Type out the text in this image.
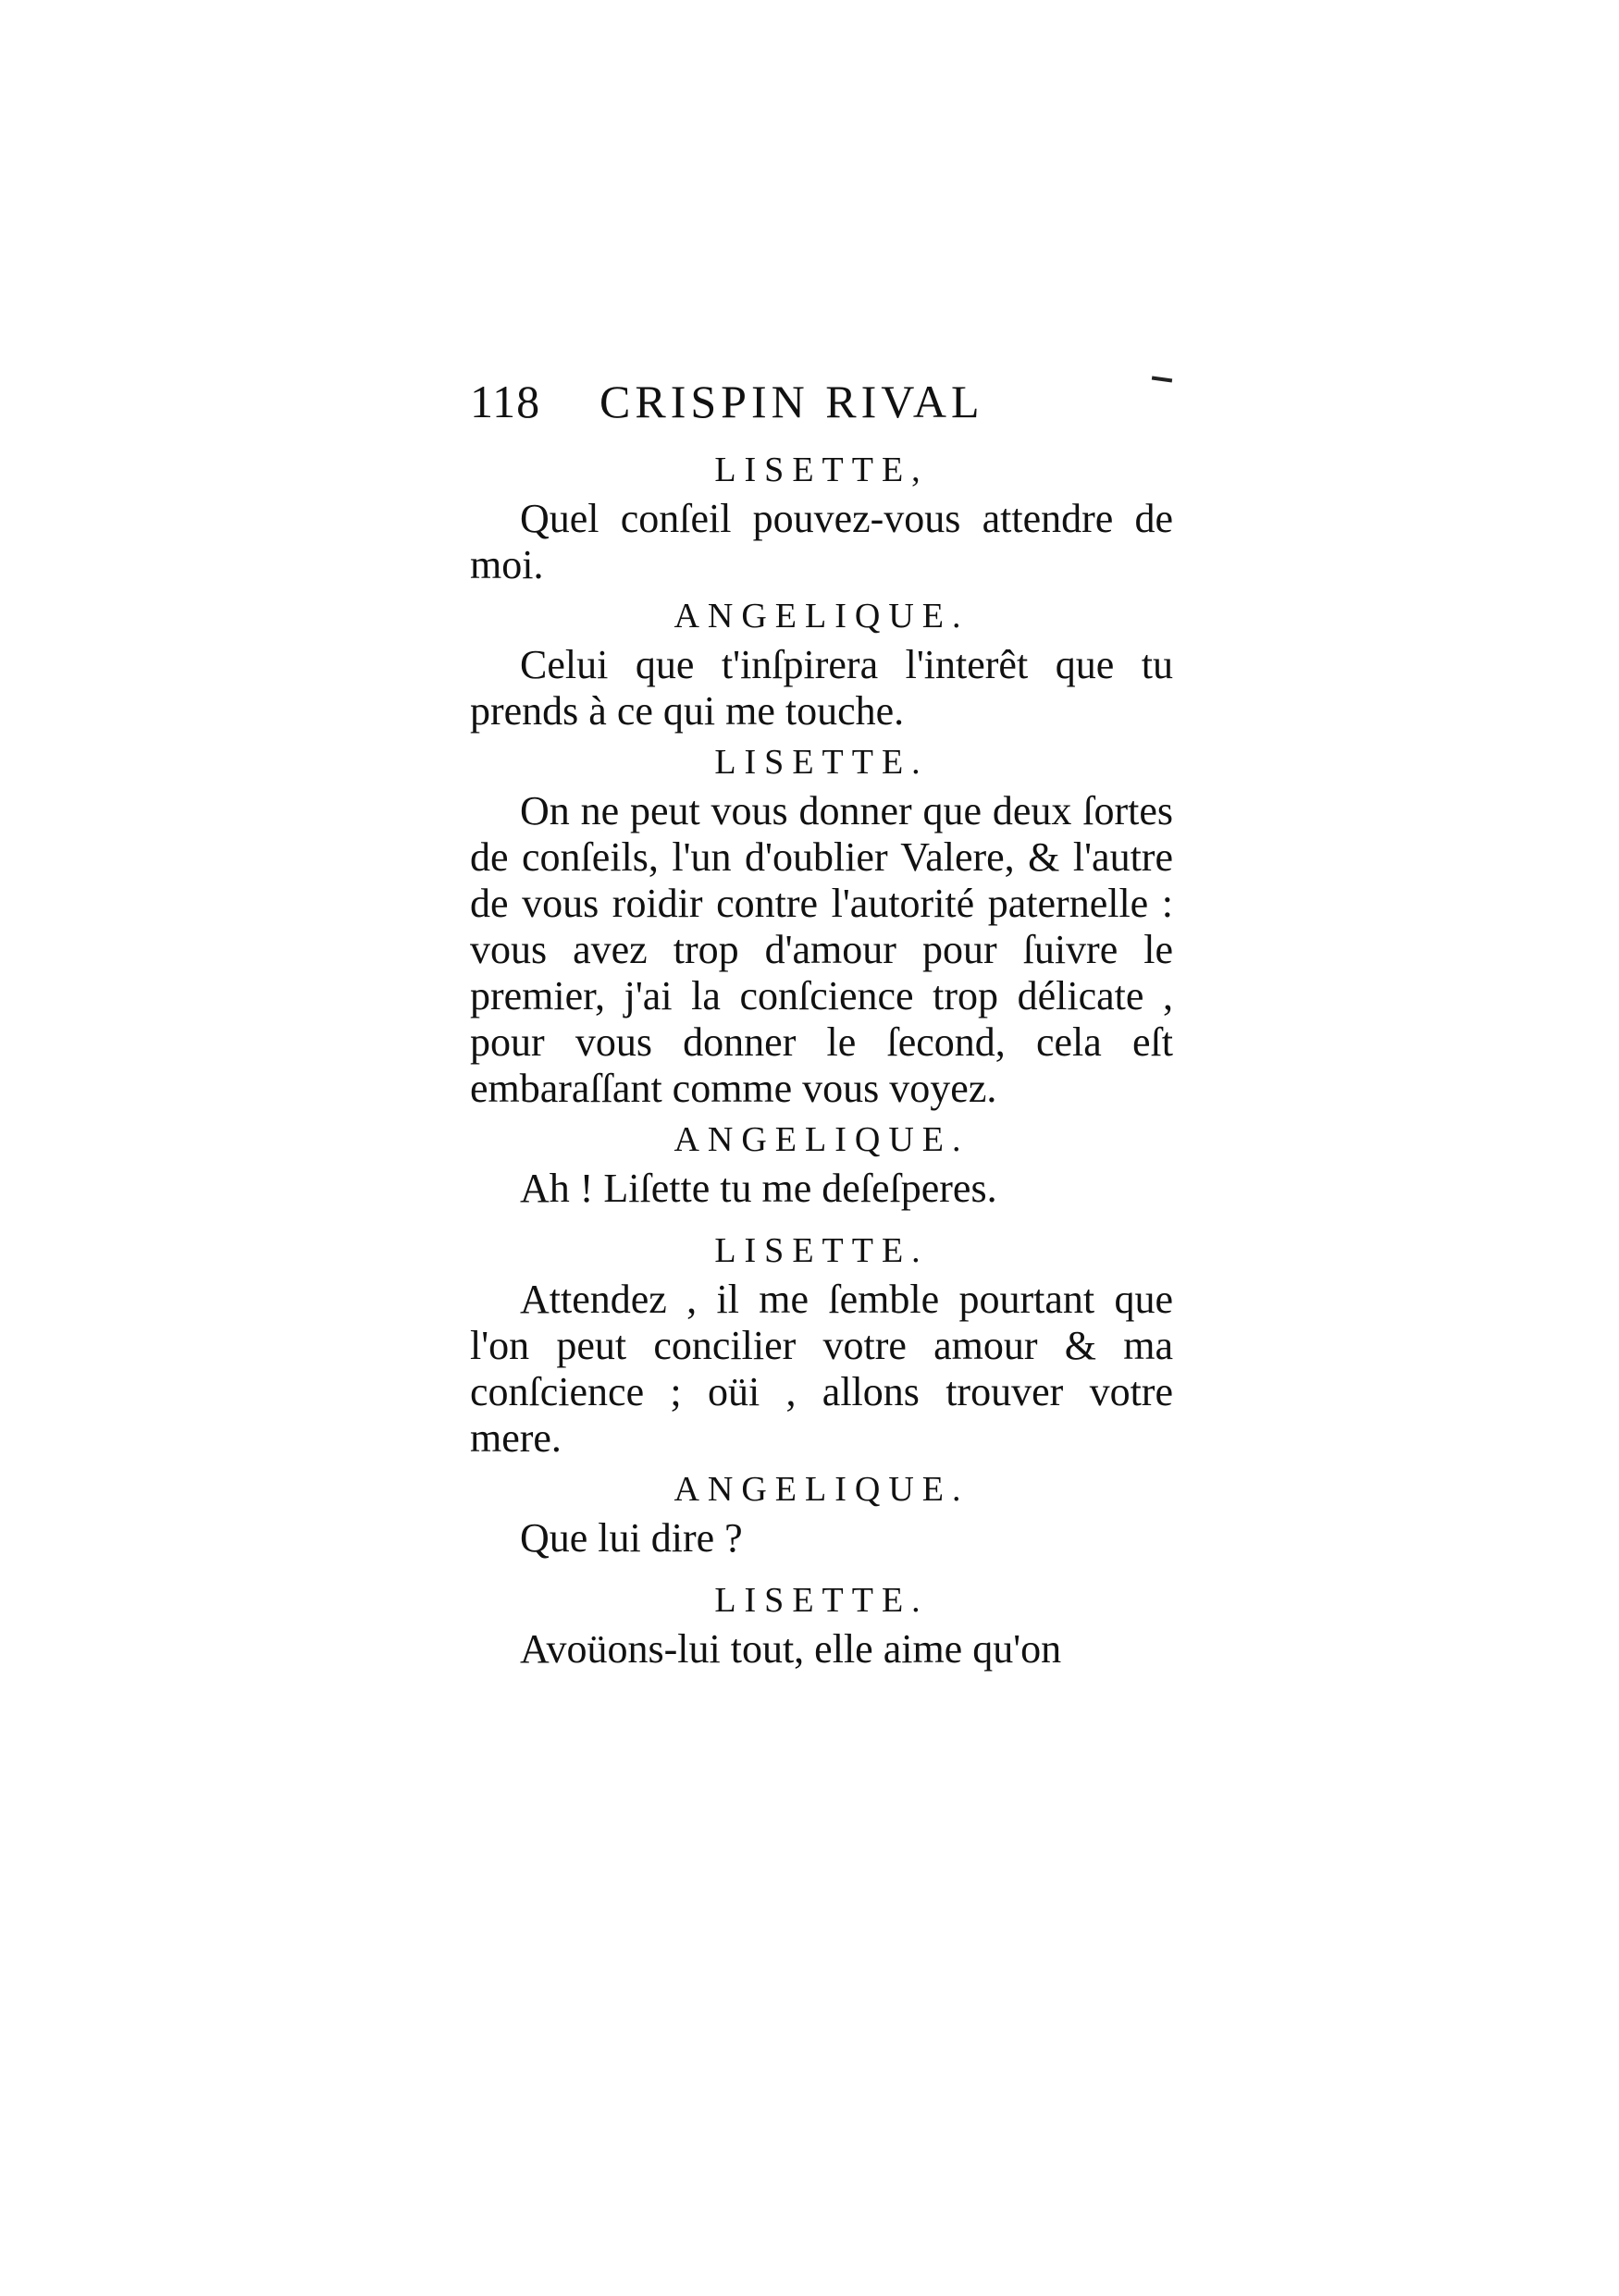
118 CRISPIN RIVAL
LISETTE,

Quel conſeil pouvez-vous attendre de moi.

ANGELIQUE.

Celui que t'inſpirera l'interêt que tu prends à ce qui me touche.

LISETTE.

On ne peut vous donner que deux ſortes de conſeils, l'un d'oublier Valere, & l'autre de vous roidir contre l'autorité paternelle : vous avez trop d'amour pour ſuivre le premier, j'ai la conſcience trop délicate , pour vous donner le ſecond, cela eſt embaraſſant comme vous voyez.

ANGELIQUE.

Ah ! Liſette tu me deſeſperes.

LISETTE.

Attendez , il me ſemble pourtant que l'on peut concilier votre amour & ma conſcience ; oüi , allons trouver votre mere.

ANGELIQUE.

Que lui dire ?

LISETTE.

Avoüons-lui tout, elle aime qu'on
